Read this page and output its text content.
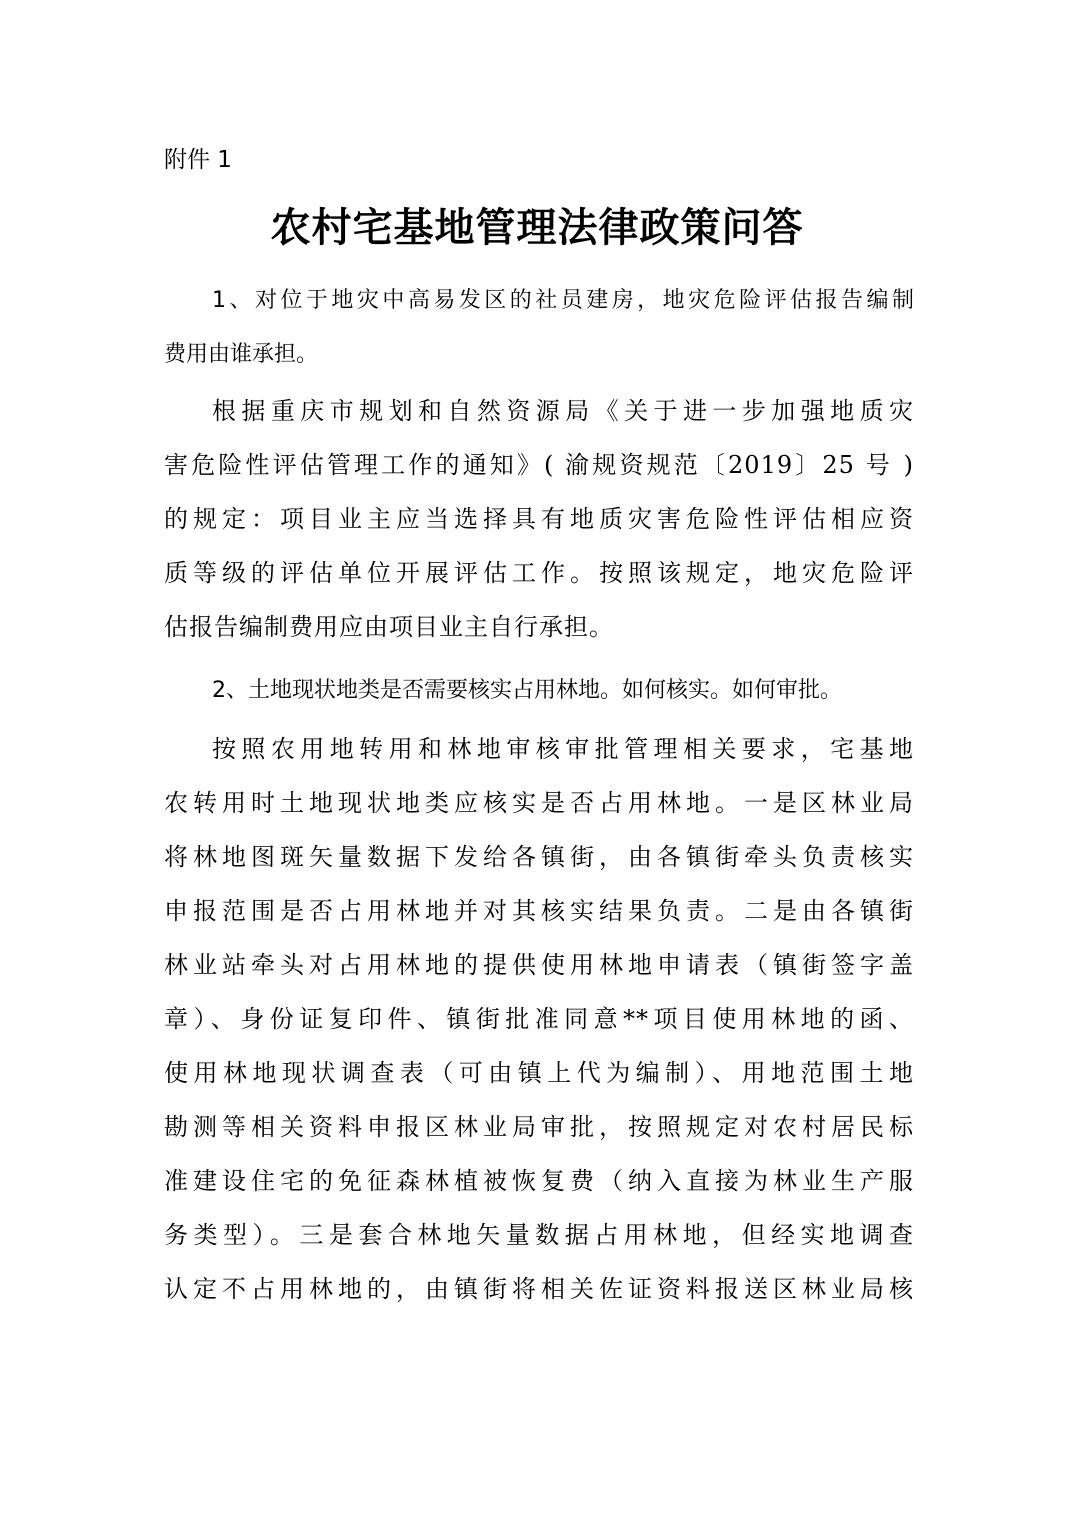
附件 1
农村宅基地管理法律政策问答
1、对位于地灾中高易发区的社员建房，地灾危险评估报告编制
费用由谁承担。
根据重庆市规划和自然资源局《关于进一步加强地质灾
害危险性评估管理工作的通知》( 渝规资规范〔2019〕25 号 )
的规定：项目业主应当选择具有地质灾害危险性评估相应资
质等级的评估单位开展评估工作。按照该规定，地灾危险评
估报告编制费用应由项目业主自行承担。
2、土地现状地类是否需要核实占用林地。如何核实。如何审批。
按照农用地转用和林地审核审批管理相关要求，宅基地
农转用时土地现状地类应核实是否占用林地。一是区林业局
将林地图斑矢量数据下发给各镇街，由各镇街牵头负责核实
申报范围是否占用林地并对其核实结果负责。二是由各镇街
林业站牵头对占用林地的提供使用林地申请表（镇街签字盖
章）、身份证复印件、镇街批准同意**项目使用林地的函、
使用林地现状调查表（可由镇上代为编制）、用地范围土地
勘测等相关资料申报区林业局审批，按照规定对农村居民标
准建设住宅的免征森林植被恢复费（纳入直接为林业生产服
务类型）。三是套合林地矢量数据占用林地，但经实地调查
认定不占用林地的，由镇街将相关佐证资料报送区林业局核
